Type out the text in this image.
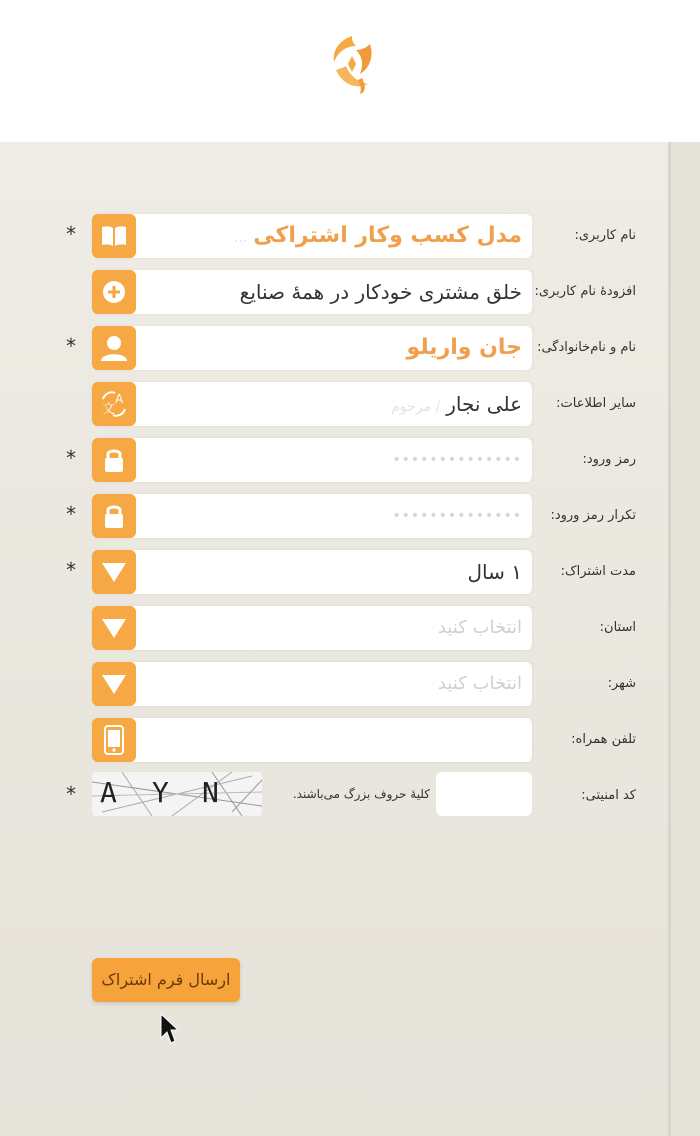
نام کاربری:
مدل کسب وکار اشتراکی...
*
افزودهٔ نام کاربری:
خلق مشتری خودکار در همهٔ صنایع
نام و نام‌خانوادگی:
جان واریلو
*
سایر اطلاعات:
文
A	علی نجار/ مرحوم
رمز ورود:
••••••••••••••
*
تکرار رمز ورود:
••••••••••••••
*
مدت اشتراک:
۱ سال
*
استان:
انتخاب کنید
شهر:
انتخاب کنید
تلفن همراه:
کد امنیتی:
کلیهٔ حروف بزرگ می‌باشند.
A Y N
*
ارسال فرم اشتراک
